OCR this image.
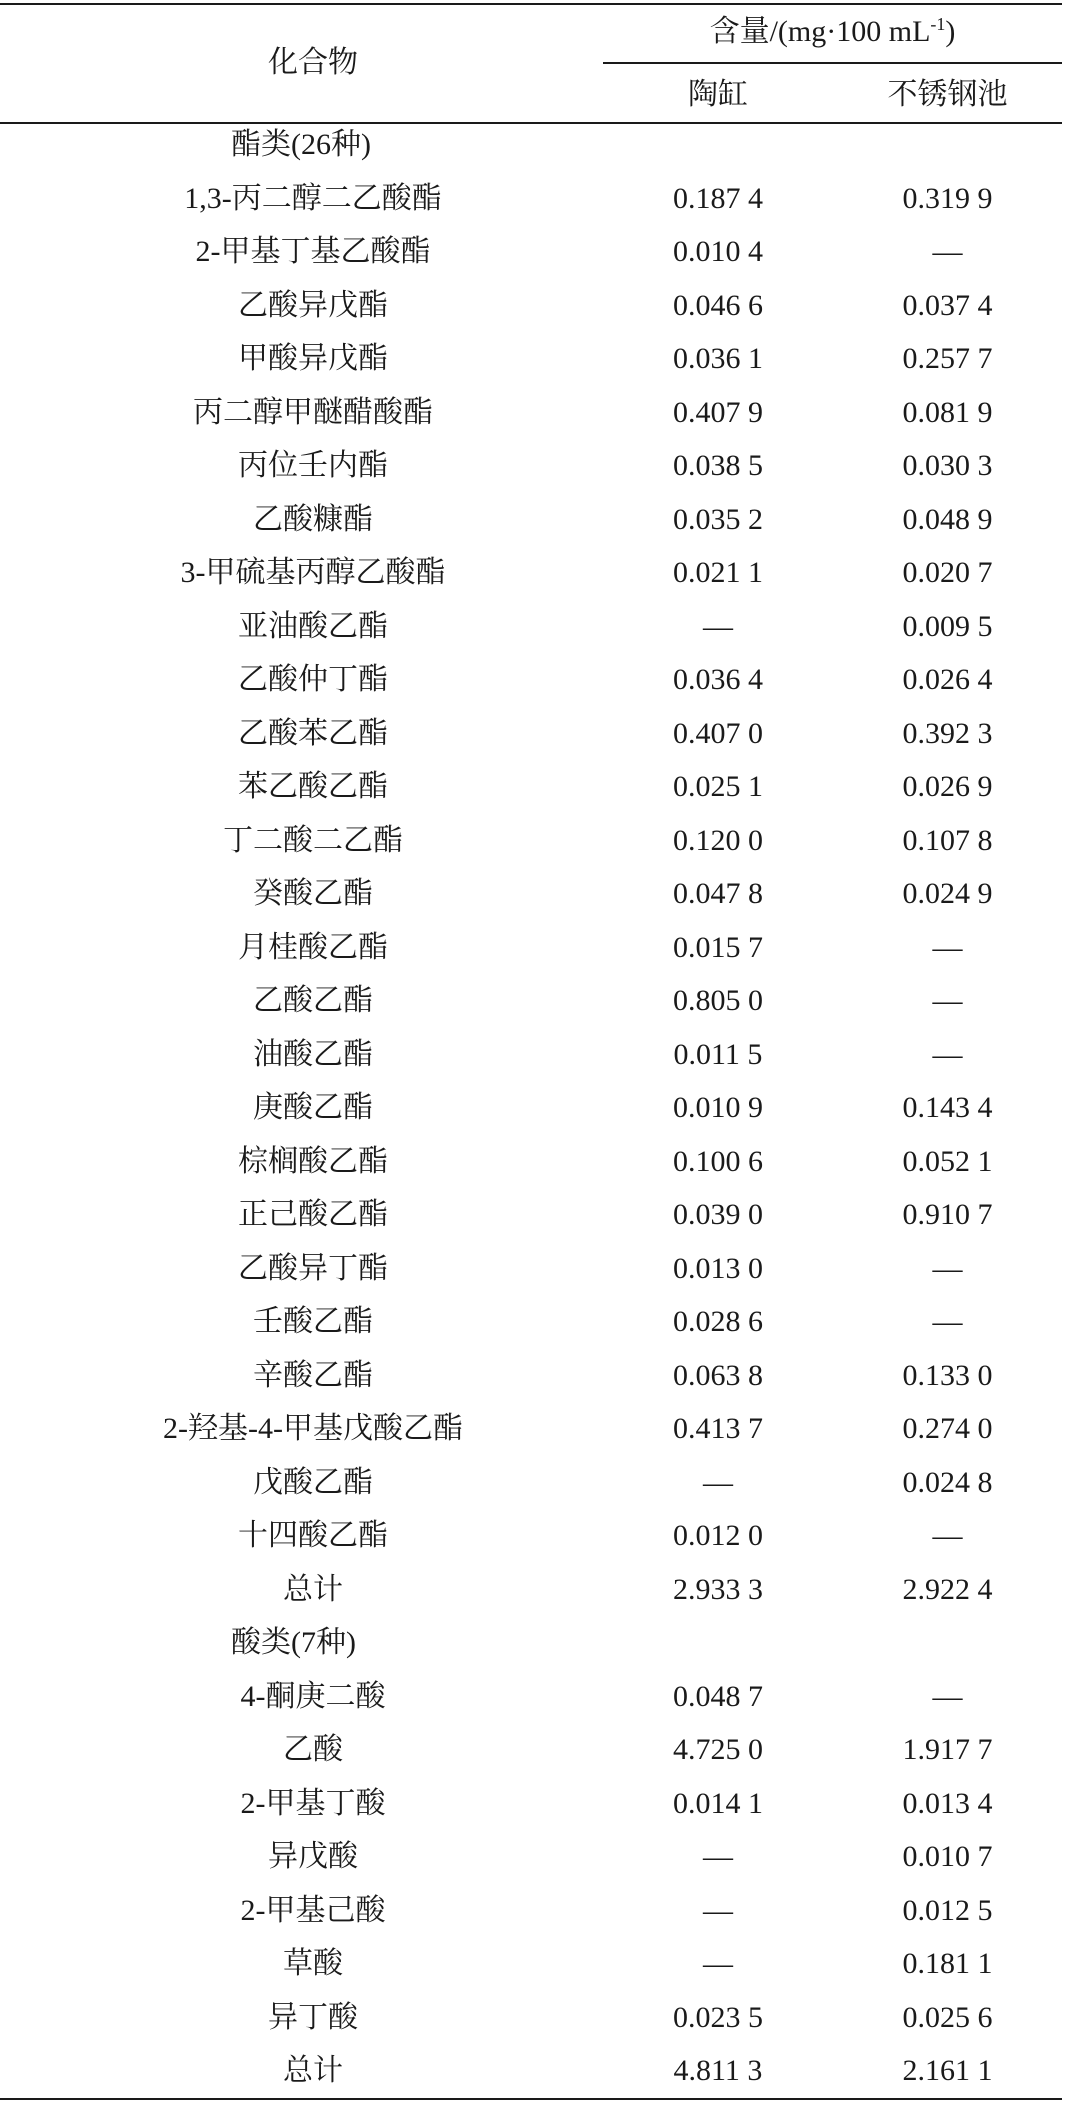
化合物
含量/(mg·100 $mL^{-1}$)
陶缸	不锈钢池
酯类(26种)
1,3-丙二醇二乙酸酯	0.187 4	0.319 9
2-甲基丁基乙酸酯	0.010 4	—
乙酸异戊酯	0.046 6	0.037 4
甲酸异戊酯	0.036 1	0.257 7
丙二醇甲醚醋酸酯	0.407 9	0.081 9
丙位壬内酯	0.038 5	0.030 3
乙酸糠酯	0.035 2	0.048 9
3-甲硫基丙醇乙酸酯	0.021 1	0.020 7
亚油酸乙酯	—	0.009 5
乙酸仲丁酯	0.036 4	0.026 4
乙酸苯乙酯	0.407 0	0.392 3
苯乙酸乙酯	0.025 1	0.026 9
丁二酸二乙酯	0.120 0	0.107 8
癸酸乙酯	0.047 8	0.024 9
月桂酸乙酯	0.015 7	—
乙酸乙酯	0.805 0	—
油酸乙酯	0.011 5	—
庚酸乙酯	0.010 9	0.143 4
棕榈酸乙酯	0.100 6	0.052 1
正己酸乙酯	0.039 0	0.910 7
乙酸异丁酯	0.013 0	—
壬酸乙酯	0.028 6	—
辛酸乙酯	0.063 8	0.133 0
2-羟基-4-甲基戊酸乙酯	0.413 7	0.274 0
戊酸乙酯	—	0.024 8
十四酸乙酯	0.012 0	—
总计	2.933 3	2.922 4
酸类(7种)
4-酮庚二酸	0.048 7	—
乙酸	4.725 0	1.917 7
2-甲基丁酸	0.014 1	0.013 4
异戊酸	—	0.010 7
2-甲基己酸	—	0.012 5
草酸	—	0.181 1
异丁酸	0.023 5	0.025 6
总计	4.811 3	2.161 1
